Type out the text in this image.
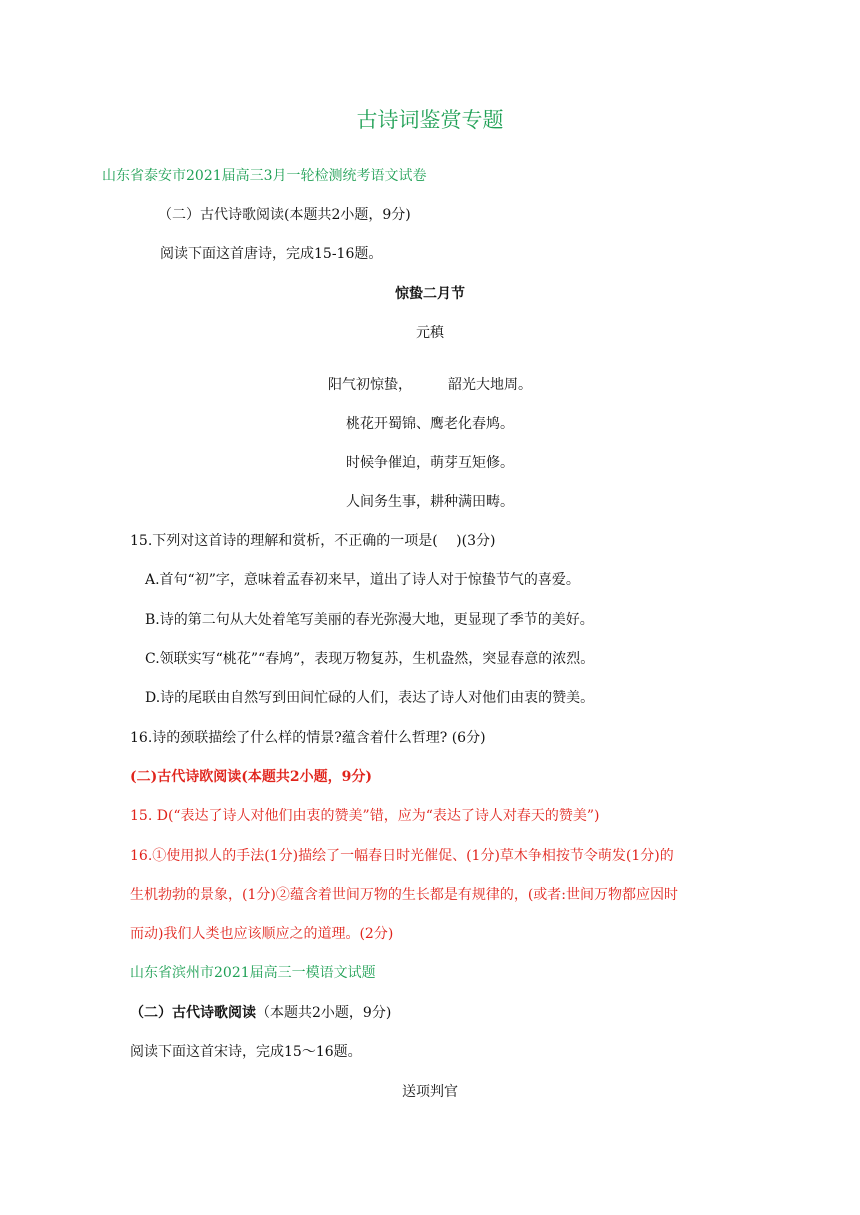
古诗词鉴赏专题
山东省泰安市2021届高三3月一轮检测统考语文试卷
（二）古代诗歌阅读(本题共2小题，9分)
阅读下面这首唐诗，完成15-16题。
惊蛰二月节
元稹
阳气初惊蛰，	韶光大地周。
桃花开蜀锦、鹰老化春鸠。
时候争催迫，萌芽互矩修。
人间务生事，耕种满田畴。
15.下列对这首诗的理解和赏析，不正确的一项是(　 )(3分)
A.首句“初”字，意味着孟春初来早，道出了诗人对于惊蛰节气的喜爱。
B.诗的第二句从大处着笔写美丽的春光弥漫大地，更显现了季节的美好。
C.领联实写“桃花”“春鸠”，表现万物复苏，生机盎然，突显春意的浓烈。
D.诗的尾联由自然写到田间忙碌的人们，表达了诗人对他们由衷的赞美。
16.诗的颈联描绘了什么样的情景?蕴含着什么哲理? (6分)
(二)古代诗欧阅读(本题共2小题，9分)
15. D(“表达了诗人对他们由衷的赞美”错，应为“表达了诗人对春天的赞美”)
16.①使用拟人的手法(1分)描绘了一幅春日时光催促、(1分)草木争相按节令萌发(1分)的
生机勃勃的景象，(1分)②蕴含着世间万物的生长都是有规律的，(或者:世间万物都应因时
而动)我们人类也应该顺应之的道理。(2分)
山东省滨州市2021届高三一模语文试题
（二）古代诗歌阅读（本题共2小题，9分)
阅读下面这首宋诗，完成15～16题。
送项判官
